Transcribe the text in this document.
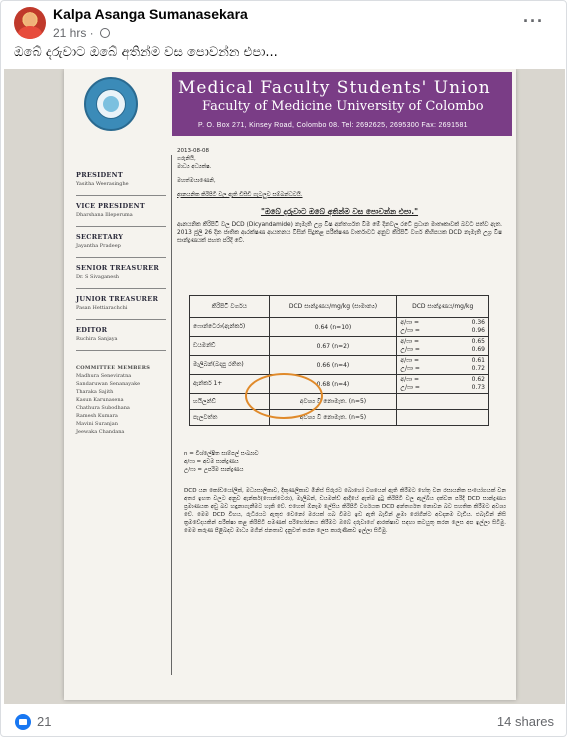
Kalpa Asanga Sumanasekara
21 hrs ·
···
ඔබේ දරුවාට ඔබේ අතින්ම වස පොවන්න එපා...
Medical Faculty Students' Union
Faculty of Medicine University of Colombo
P. O. Box 271, Kinsey Road, Colombo 08. Tel: 2692625, 2695300 Fax: 2691581
PRESIDENT
Yasitha Weerasinghe
VICE PRESIDENT
Dharshana Illeperuma
SECRETARY
Jayantha Pradeep
SENIOR TREASURER
Dr. S Sivaganesh
JUNIOR TREASURER
Pasan Hettiarachchi
EDITOR
Ruchira Sanjaya
COMMITTEE MEMBERS
Madhura Seneviratna
Sandaruwan Senanayake
Tharaka Sajith
Kasun Karunasena
Chathura Subodhana
Ramesh Kumara
Mavini Suranjan
Jeewaka Chandana
2013-08-08
ගරුනියි,
මාධ්‍ය අධ්‍යක්ෂ.
මහත්මයාණෙනි,
ආනයනික කිරිපිටි වල ඇති ඩීසීඩී ගැටලුව සම්බන්ධවයි.
"ඔබේ දරුවාට ඔබේ අතින්ම වස පොවන්න එපා."
ආනයනික කිරිපිටි වල DCD (Dicyandamide) නැමැති උග්‍ර විෂ අන්තර්ගත වීම මේ දිනවල රටේ ප්‍රධාන මාතෘකාවක් බවට පත්ව ඇත. 2013 ජූලි 26 දින ජාතික ආරක්ෂණ ආයතනය විසින් සිදුකළ පරීක්ෂණ වාර්තාවට අනුව කිරිපිටි වර්ග කිහිපයක DCD නැමැති උග්‍ර විෂ සාන්ද්‍රණයක් පහත පරිදි වේ.
කිරිපිටි වර්ගය	DCD සාන්ද්‍රණය/mg/kg (සාමාන්‍ය)	DCD සාන්ද්‍රණය/mg/kg
ෆොන්ටෙරා(ඇන්කර්)	0.64 (n=10)	අ/ෆා = 0.36
උ/ෆා = 0.96

ඩයමන්ඩ්	0.67 (n=2)	අ/ෆා = 0.65
උ/ෆා = 0.69

මැලිබන්(බදාපු රතිත)	0.66 (n=4)	අ/ෆා = 0.61
උ/ෆා = 0.72

ඇන්කර් 1+	0.68 (n=4)	අ/ෆා = 0.62
උ/ෆා = 0.73

හයිලන්ඩ්	අවශ්‍ය වී නොමැත. (n=5)	
පැලවත්ත	අවශ්‍ය වී නොමැත. (n=5)	
n = විශ්ලේෂිත සාම්පල් සංඛ්‍යාව
අ/ෆා = අවම සාන්ද්‍රණය
උ/ෆා = උපරිම සාන්ද්‍රණය
DCD යන කෝඩයෝලික්, මධ්‍යසාලිකාව, දීකුණලිකාව මිනිස් සිරුරට බොහෝ වශයෙන් ඇති කිරීමට හේතු වන රසායනික සංයෝගයක් වන අතර ඉහත වලට අනුව ඇන්කර්(ෆොන්ටෙරා), මැලිබන්, ඩයමන්ඩ් ආදියේ ඇත්ම දුටු කිරිපිටි වල ඇල්බීය දක්වන පරිදි DCD සාන්ද්‍රණය ප්‍රමාණයක අඩු බව හඳුනාගැනීමට හැකි වේ. එහෙත් ඕනෑම ලේසිය කිරිපිටි වර්ගයක DCD අන්තර්ගත නොවන බව සහතික කිරීමට අවශ්‍ය වේ. මෙම DCD විහය, රුධිරයට ඇතුළු වෙනෝ මරයක් ගබ වීමට ඉඩ ඇති බැවින් ළමා රෝගීන්ට අවදානම වැඩිය. එබැවින් නිසි ක්‍රමවේදයකින් පරීක්ෂා කළ කිරිපිටි පමණක් පරිභෝජනය කිරීමට ඔබේ දරුවාගේ ආරක්ෂාව සඳහා කටයුතු කරන ලෙස අප ඉල්ලා සිටිමු. මෙම කරුණ පිළිබඳව මාධ්‍ය මගින් ජනතාව දැනුවත් කරන ලෙස කාරුණිකව ඉල්ලා සිටිමු.
21	14 shares
